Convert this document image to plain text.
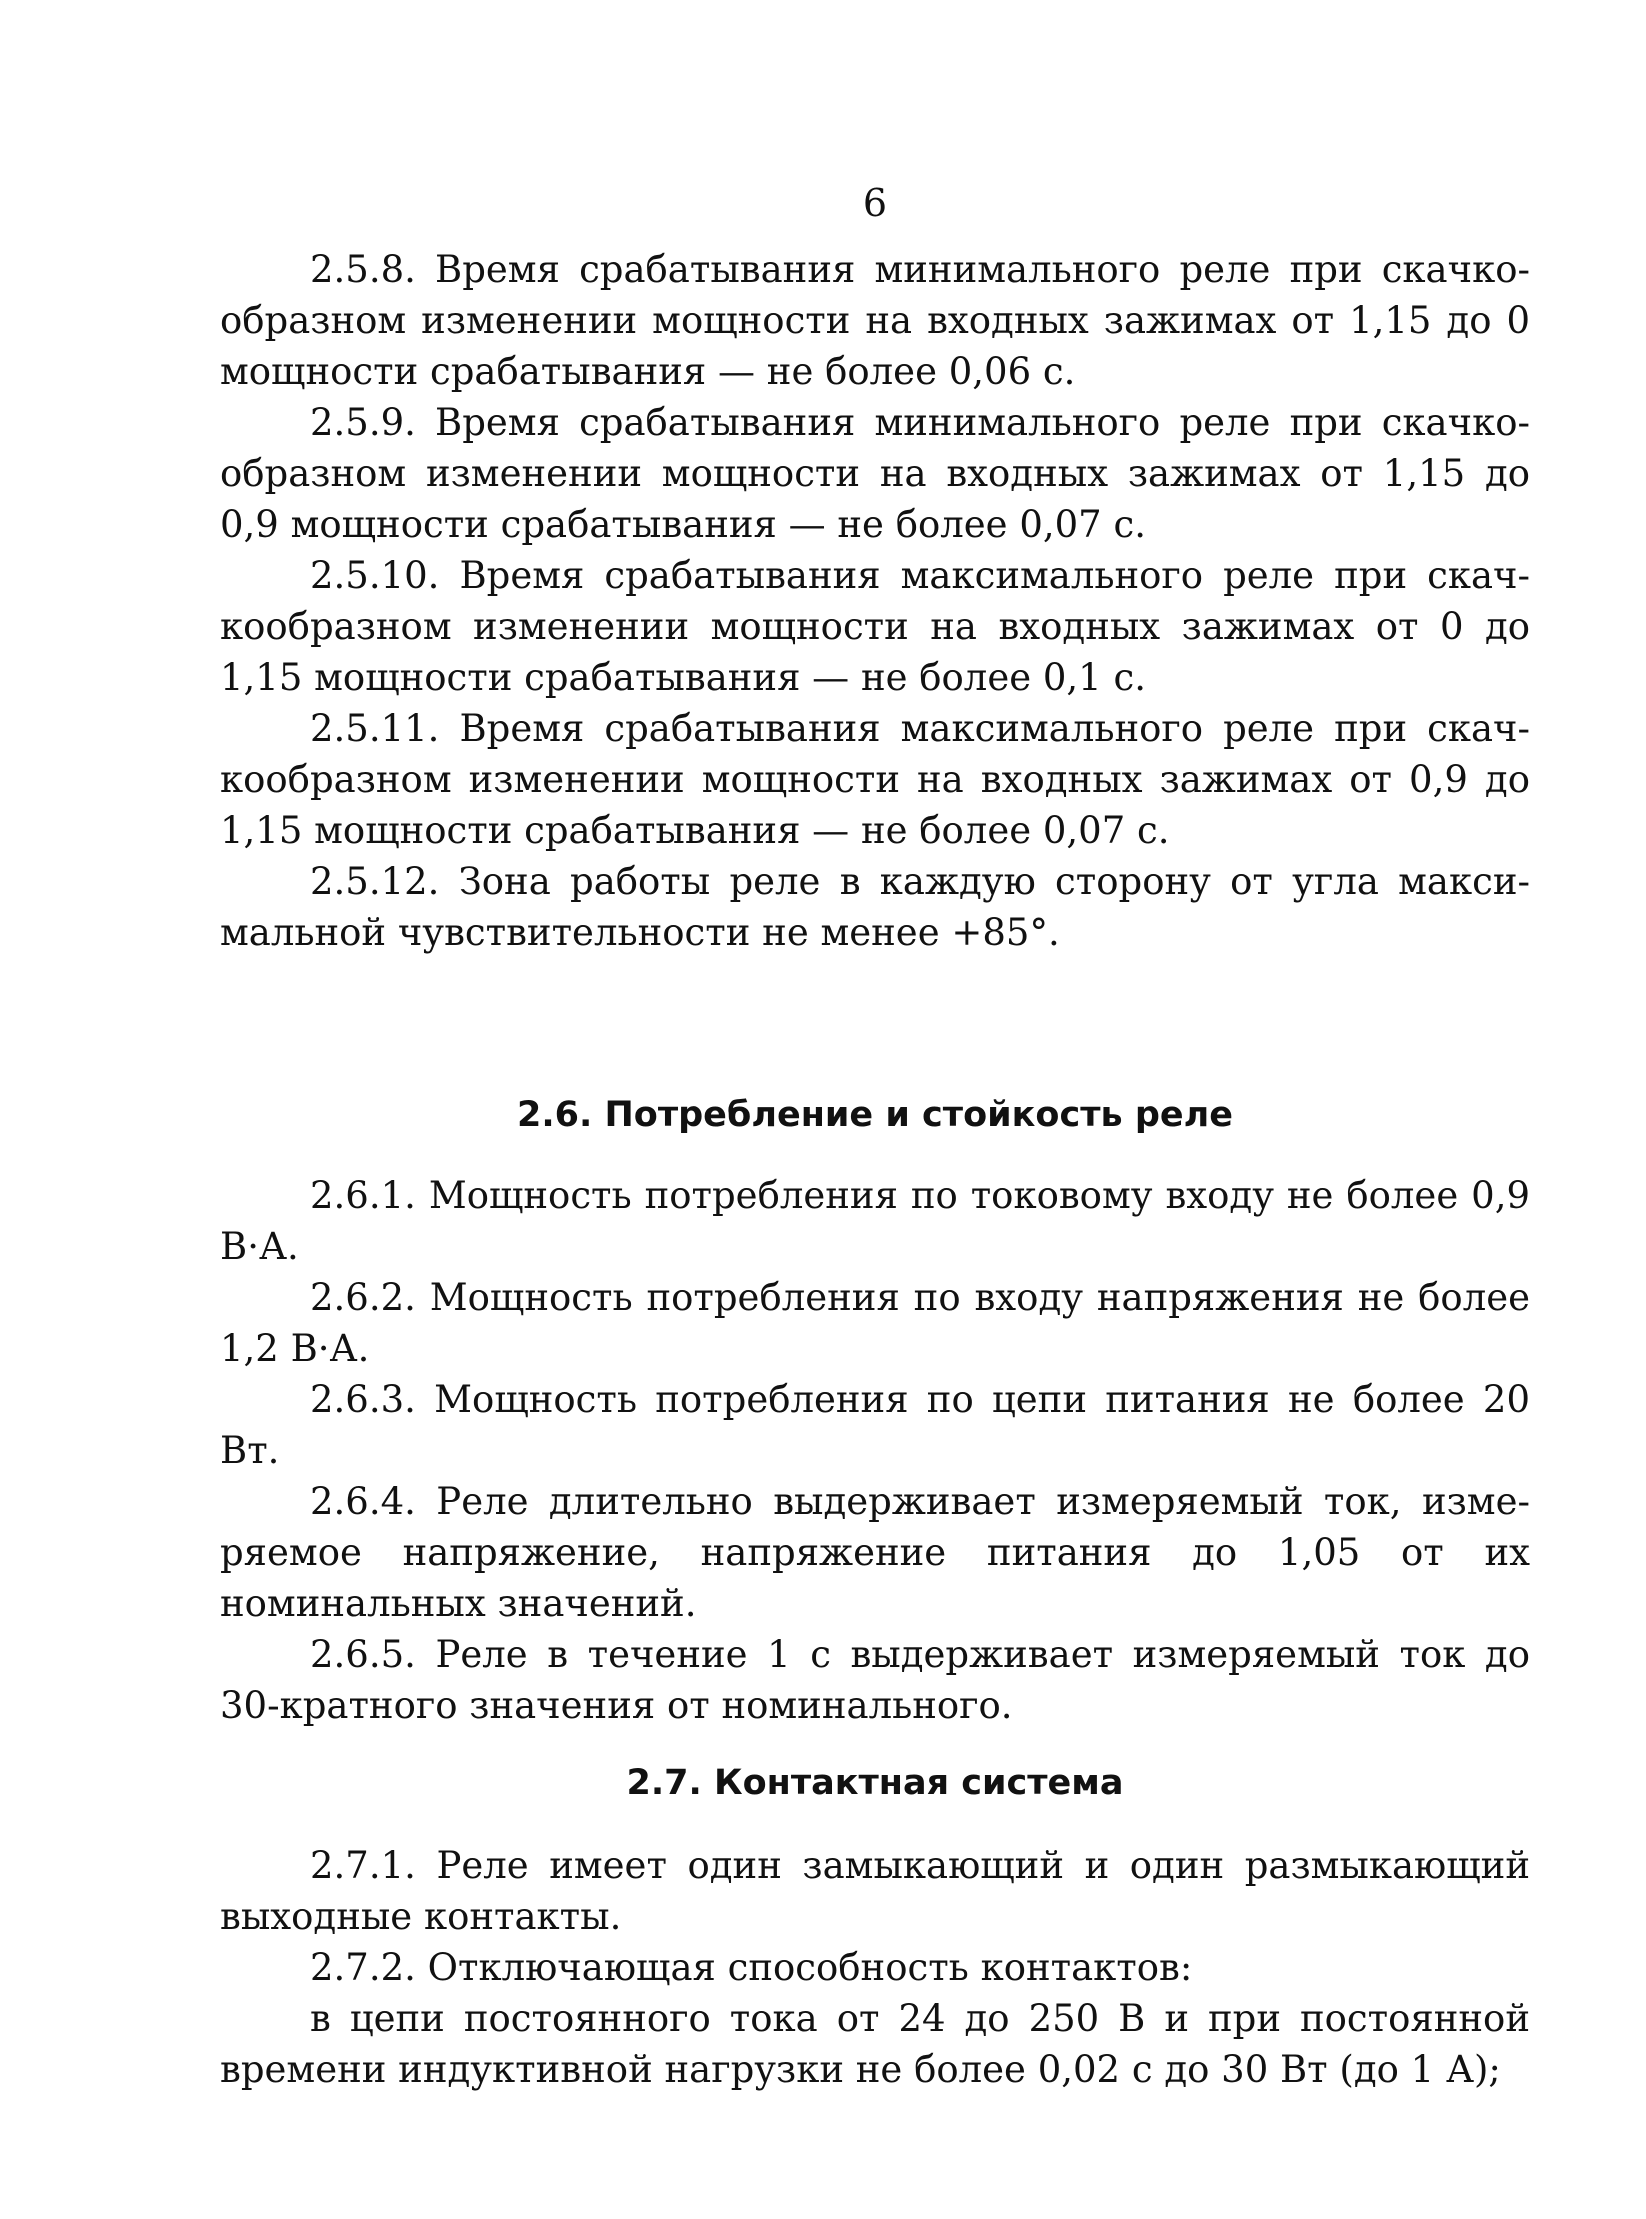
6

2.5.8. Время срабатывания минимального реле при скачкообразном изменении мощности на входных зажимах от 1,15 до 0 мощности срабатывания — не более 0,06 с.

2.5.9. Время срабатывания минимального реле при скачкообразном изменении мощности на входных зажимах от 1,15 до 0,9 мощности срабатывания — не более 0,07 с.

2.5.10. Время срабатывания максимального реле при скачкообразном изменении мощности на входных зажимах от 0 до 1,15 мощности срабатывания — не более 0,1 с.

2.5.11. Время срабатывания максимального реле при скачкообразном изменении мощности на входных зажимах от 0,9 до 1,15 мощности срабатывания — не более 0,07 с.

2.5.12. Зона работы реле в каждую сторону от угла максимальной чувствительности не менее +85°.

2.6. Потребление и стойкость реле

2.6.1. Мощность потребления по токовому входу не более 0,9 В·А.

2.6.2. Мощность потребления по входу напряжения не более 1,2 В·А.

2.6.3. Мощность потребления по цепи питания не более 20 Вт.

2.6.4. Реле длительно выдерживает измеряемый ток, измеряемое напряжение, напряжение питания до 1,05 от их номинальных значений.

2.6.5. Реле в течение 1 с выдерживает измеряемый ток до 30-кратного значения от номинального.

2.7. Контактная система

2.7.1. Реле имеет один замыкающий и один размыкающий выходные контакты.

2.7.2. Отключающая способность контактов:

в цепи постоянного тока от 24 до 250 В и при постоянной времени индуктивной нагрузки не более 0,02 с до 30 Вт (до 1 А);
